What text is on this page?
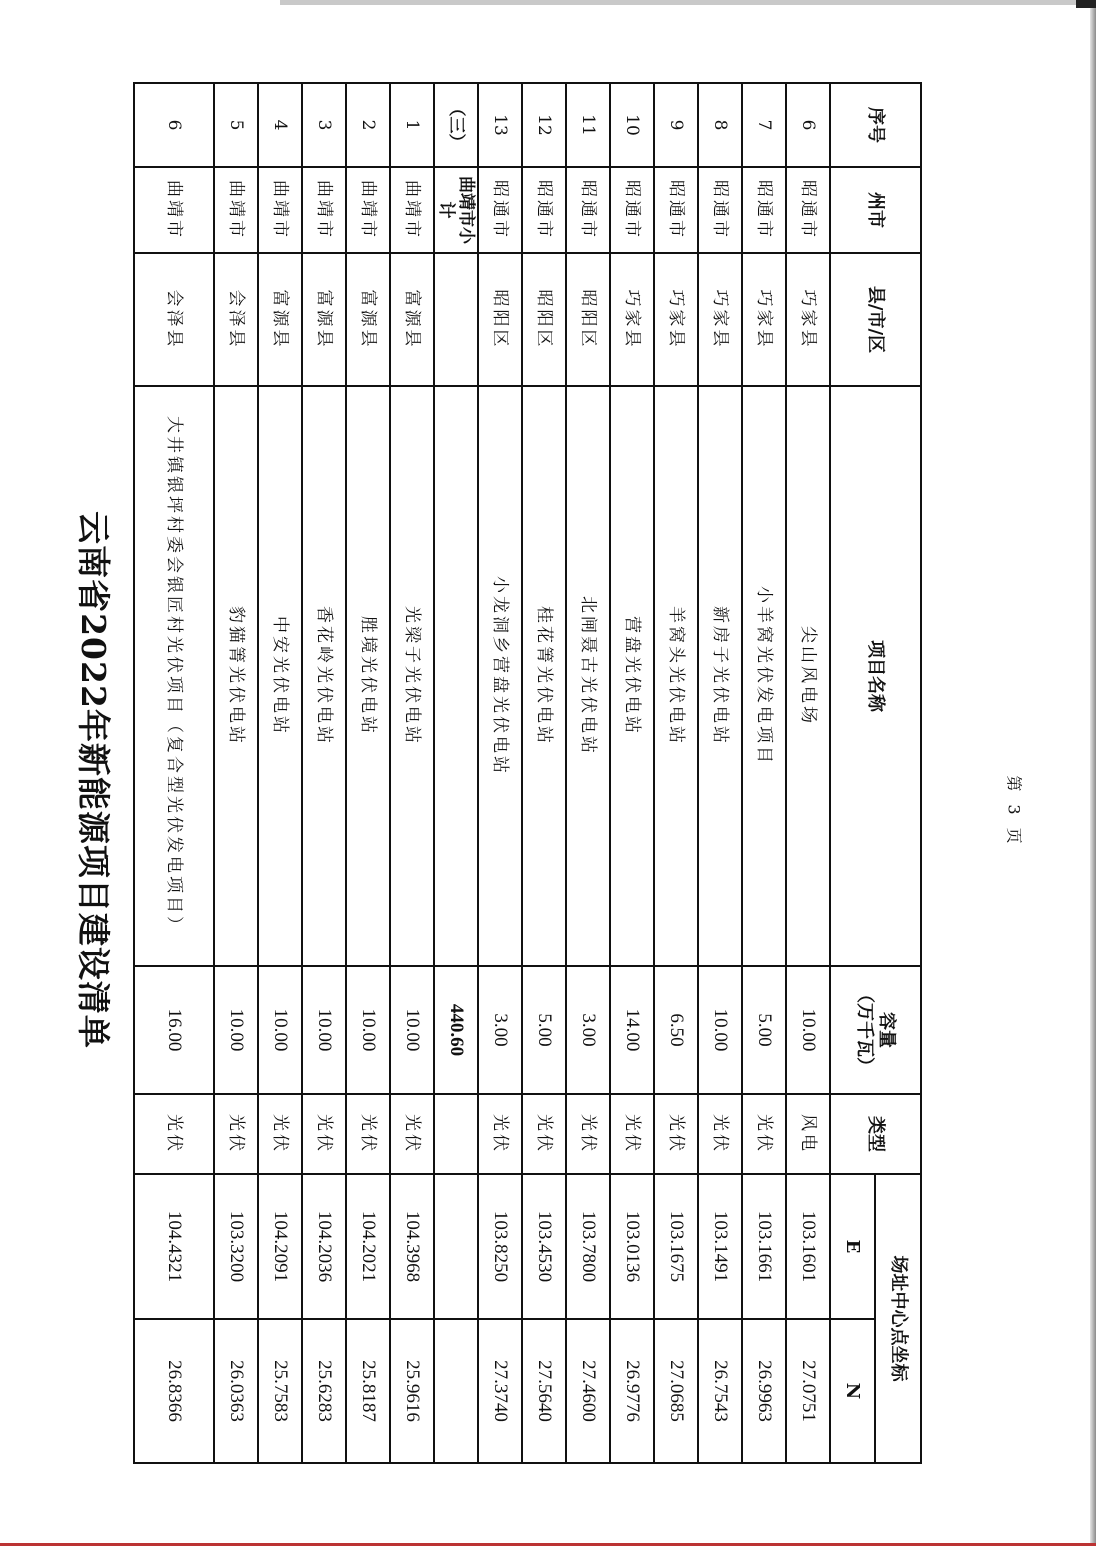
云南省2022年新能源项目建设清单
序号	州市	县/市/区	项目名称	容量
（万千瓦）	类型	场址中心点坐标	
						E	N
6	昭通市	巧家县	尖山风电场	10.00	风电	103.1601	27.0751
7	昭通市	巧家县	小羊窝光伏发电项目	5.00	光伏	103.1661	26.9963
8	昭通市	巧家县	新房子光伏电站	10.00	光伏	103.1491	26.7543
9	昭通市	巧家县	羊窝头光伏电站	6.50	光伏	103.1675	27.0685
10	昭通市	巧家县	营盘光伏电站	14.00	光伏	103.0136	26.9776
11	昭通市	昭阳区	北闸聂古光伏电站	3.00	光伏	103.7800	27.4600
12	昭通市	昭阳区	桂花箐光伏电站	5.00	光伏	103.4530	27.5640
13	昭通市	昭阳区	小龙洞乡营盘光伏电站	3.00	光伏	103.8250	27.3740
（三）	曲靖市小计			440.60			
1	曲靖市	富源县	光梁子光伏电站	10.00	光伏	104.3968	25.9616
2	曲靖市	富源县	胜境光伏电站	10.00	光伏	104.2021	25.8187
3	曲靖市	富源县	香花岭光伏电站	10.00	光伏	104.2036	25.6283
4	曲靖市	富源县	中安光伏电站	10.00	光伏	104.2091	25.7583
5	曲靖市	会泽县	豹猫箐光伏电站	10.00	光伏	103.3200	26.0363
6	曲靖市	会泽县	大井镇银坪村委会银匠村光伏项目（复合型光伏发电项目）	16.00	光伏	104.4321	26.8366
第 3 页
